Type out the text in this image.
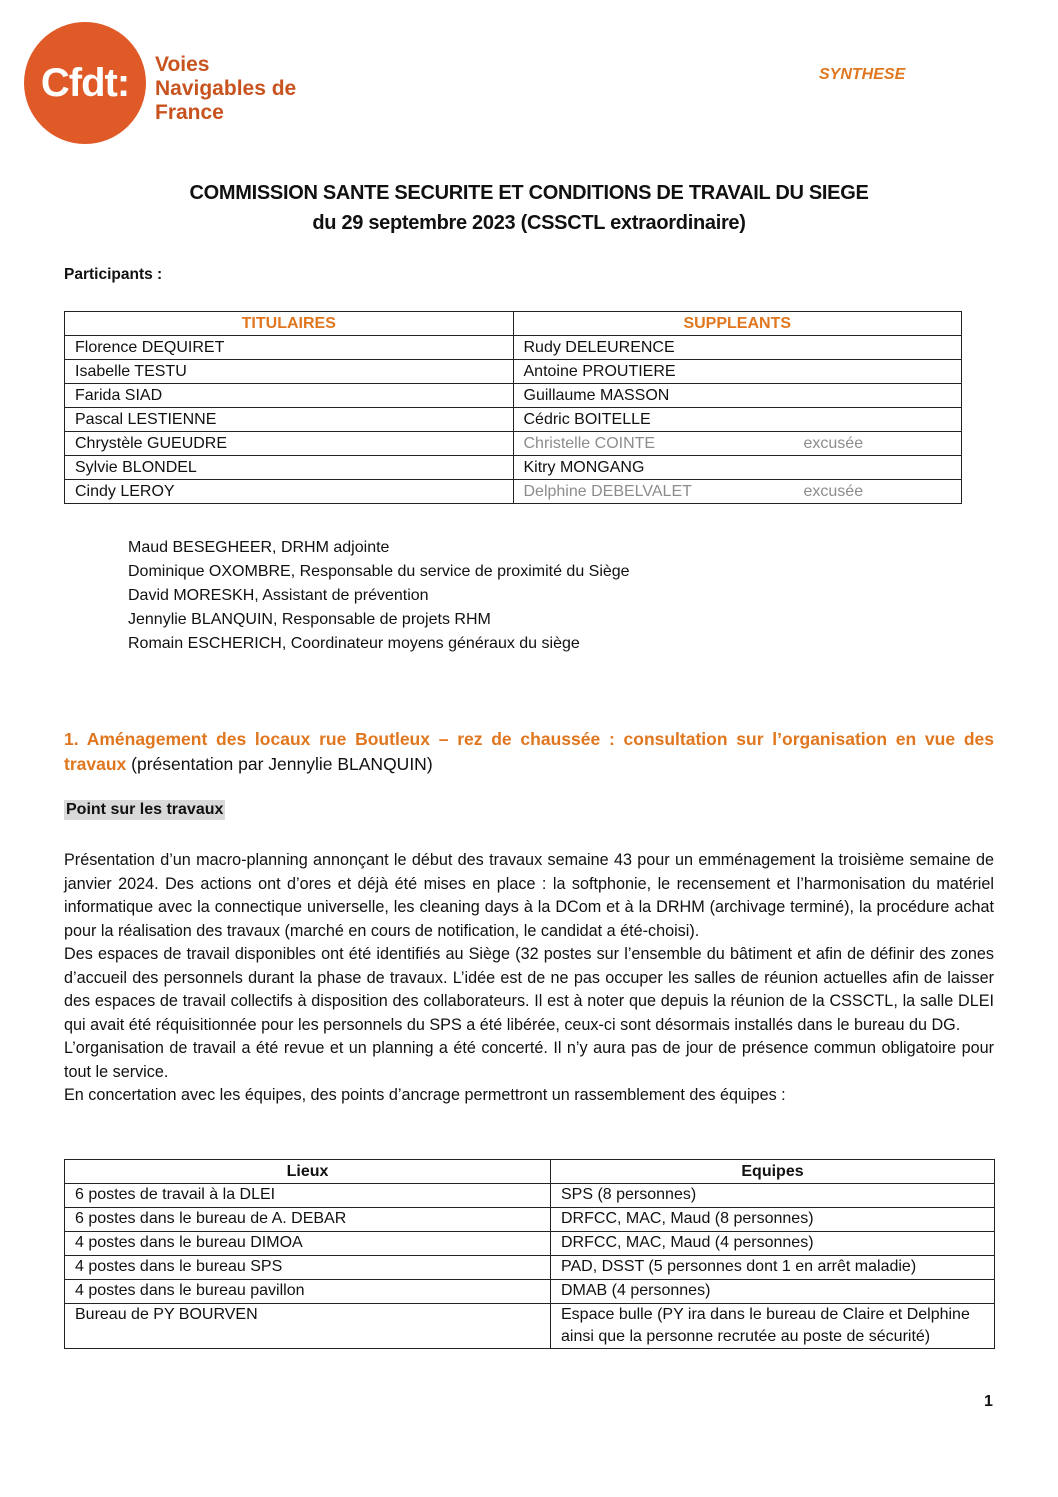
Cfdt: Voies
Navigables de
France
SYNTHESE
COMMISSION SANTE SECURITE ET CONDITIONS DE TRAVAIL DU SIEGE
du 29 septembre 2023 (CSSCTL extraordinaire)
Participants :
TITULAIRES	SUPPLEANTS
Florence DEQUIRET	Rudy DELEURENCE
Isabelle TESTU	Antoine PROUTIERE
Farida SIAD	Guillaume MASSON
Pascal LESTIENNE	Cédric BOITELLE
Chrystèle GUEUDRE	Christelle COINTE excusée

Sylvie BLONDEL	Kitry MONGANG
Cindy LEROY	Delphine DEBELVALET excusée
Maud BESEGHEER, DRHM adjointe
Dominique OXOMBRE, Responsable du service de proximité du Siège
David MORESKH, Assistant de prévention
Jennylie BLANQUIN, Responsable de projets RHM
Romain ESCHERICH, Coordinateur moyens généraux du siège
1. Aménagement des locaux rue Boutleux – rez de chaussée : consultation sur l’organisation en vue des travaux (présentation par Jennylie BLANQUIN)
Point sur les travaux

Présentation d’un macro-planning annonçant le début des travaux semaine 43 pour un emménagement la troisième semaine de janvier 2024. Des actions ont d’ores et déjà été mises en place : la softphonie, le recensement et l’harmonisation du matériel informatique avec la connectique universelle, les cleaning days à la DCom et à la DRHM (archivage terminé), la procédure achat pour la réalisation des travaux (marché en cours de notification, le candidat a été-choisi).

Des espaces de travail disponibles ont été identifiés au Siège (32 postes sur l’ensemble du bâtiment et afin de définir des zones d’accueil des personnels durant la phase de travaux. L’idée est de ne pas occuper les salles de réunion actuelles afin de laisser des espaces de travail collectifs à disposition des collaborateurs. Il est à noter que depuis la réunion de la CSSCTL, la salle DLEI qui avait été réquisitionnée pour les personnels du SPS a été libérée, ceux-ci sont désormais installés dans le bureau du DG.

L’organisation de travail a été revue et un planning a été concerté. Il n’y aura pas de jour de présence commun obligatoire pour tout le service.

En concertation avec les équipes, des points d’ancrage permettront un rassemblement des équipes :

Lieux	Equipes
6 postes de travail à la DLEI	SPS (8 personnes)
6 postes dans le bureau de A. DEBAR	DRFCC, MAC, Maud (8 personnes)
4 postes dans le bureau DIMOA	DRFCC, MAC, Maud (4 personnes)
4 postes dans le bureau SPS	PAD, DSST (5 personnes dont 1 en arrêt maladie)
4 postes dans le bureau pavillon	DMAB (4 personnes)
Bureau de PY BOURVEN	Espace bulle (PY ira dans le bureau de Claire et Delphine ainsi que la personne recrutée au poste de sécurité)
1
